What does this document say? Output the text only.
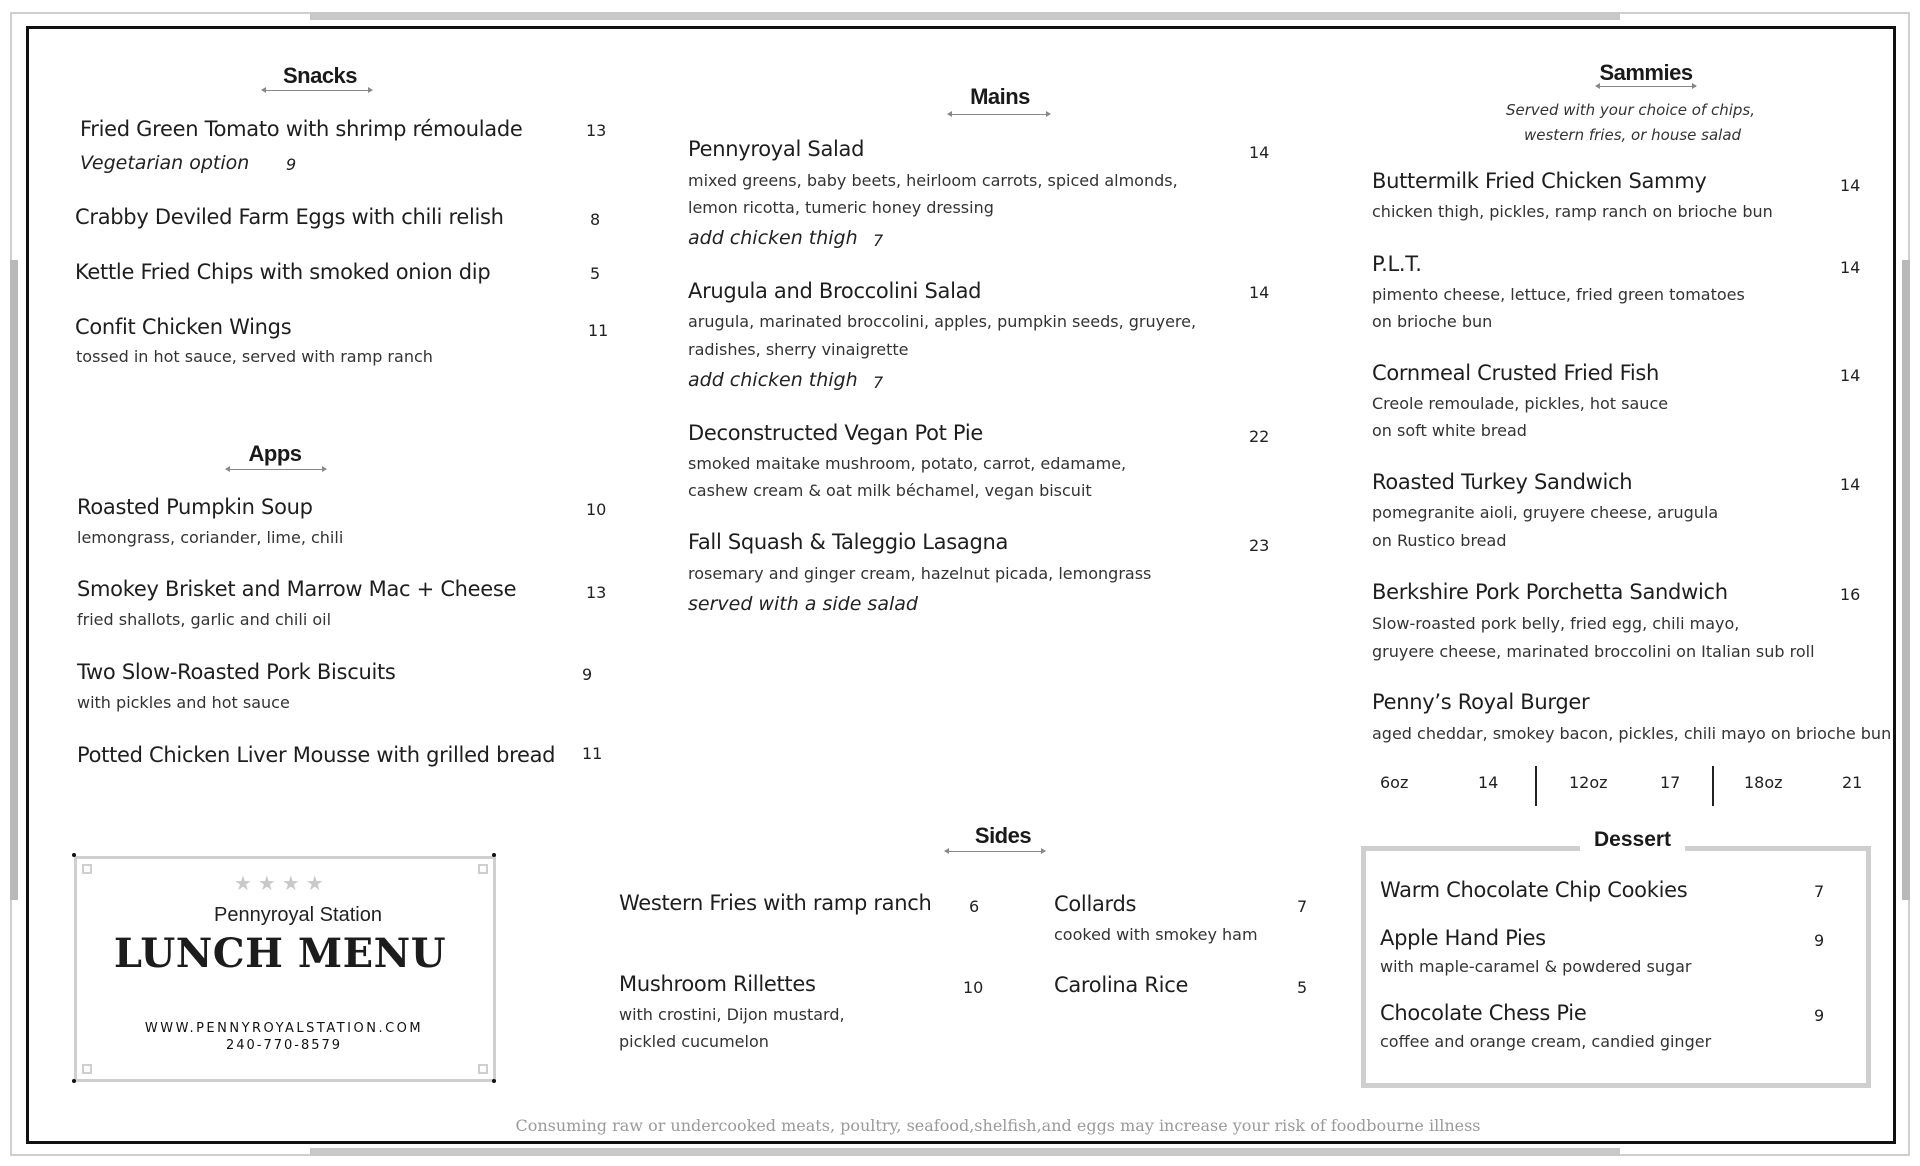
Snacks
Fried Green Tomato with shrimp rémoulade	13
Vegetarian option 9
Crabby Deviled Farm Eggs with chili relish	8
Kettle Fried Chips with smoked onion dip	5
Confit Chicken Wings	11
tossed in hot sauce, served with ramp ranch
Apps
Roasted Pumpkin Soup	10
lemongrass, coriander, lime, chili
Smokey Brisket and Marrow Mac + Cheese	13
fried shallots, garlic and chili oil
Two Slow-Roasted Pork Biscuits	9
with pickles and hot sauce
Potted Chicken Liver Mousse with grilled bread 11
★★★★
Pennyroyal Station
LUNCH MENU
WWW.PENNYROYALSTATION.COM
240-770-8579
Mains
Pennyroyal Salad	14
mixed greens, baby beets, heirloom carrots, spiced almonds,
lemon ricotta, tumeric honey dressing
add chicken thigh 7
Arugula and Broccolini Salad	14
arugula, marinated broccolini, apples, pumpkin seeds, gruyere,
radishes, sherry vinaigrette
add chicken thigh 7
Deconstructed Vegan Pot Pie	22
smoked maitake mushroom, potato, carrot, edamame,
cashew cream & oat milk béchamel, vegan biscuit
Fall Squash & Taleggio Lasagna	23
rosemary and ginger cream, hazelnut picada, lemongrass
served with a side salad
Sides
Western Fries with ramp ranch 6
Mushroom Rillettes	10
with crostini, Dijon mustard,
pickled cucumelon
Collards	7
cooked with smokey ham
Carolina Rice	5
Sammies
Served with your choice of chips,
western fries, or house salad
Buttermilk Fried Chicken Sammy	14
chicken thigh, pickles, ramp ranch on brioche bun
P.L.T.	14
pimento cheese, lettuce, fried green tomatoes
on brioche bun
Cornmeal Crusted Fried Fish	14
Creole remoulade, pickles, hot sauce
on soft white bread
Roasted Turkey Sandwich	14
pomegranite aioli, gruyere cheese, arugula
on Rustico bread
Berkshire Pork Porchetta Sandwich	16
Slow-roasted pork belly, fried egg, chili mayo,
gruyere cheese, marinated broccolini on Italian sub roll
Penny’s Royal Burger
aged cheddar, smokey bacon, pickles, chili mayo on brioche bun
6oz	14	12oz	17	18oz	21
Dessert
Warm Chocolate Chip Cookies	7
Apple Hand Pies	9
with maple-caramel & powdered sugar
Chocolate Chess Pie	9
coffee and orange cream, candied ginger
Consuming raw or undercooked meats, poultry, seafood,shelfish,and eggs may increase your risk of foodbourne illness
